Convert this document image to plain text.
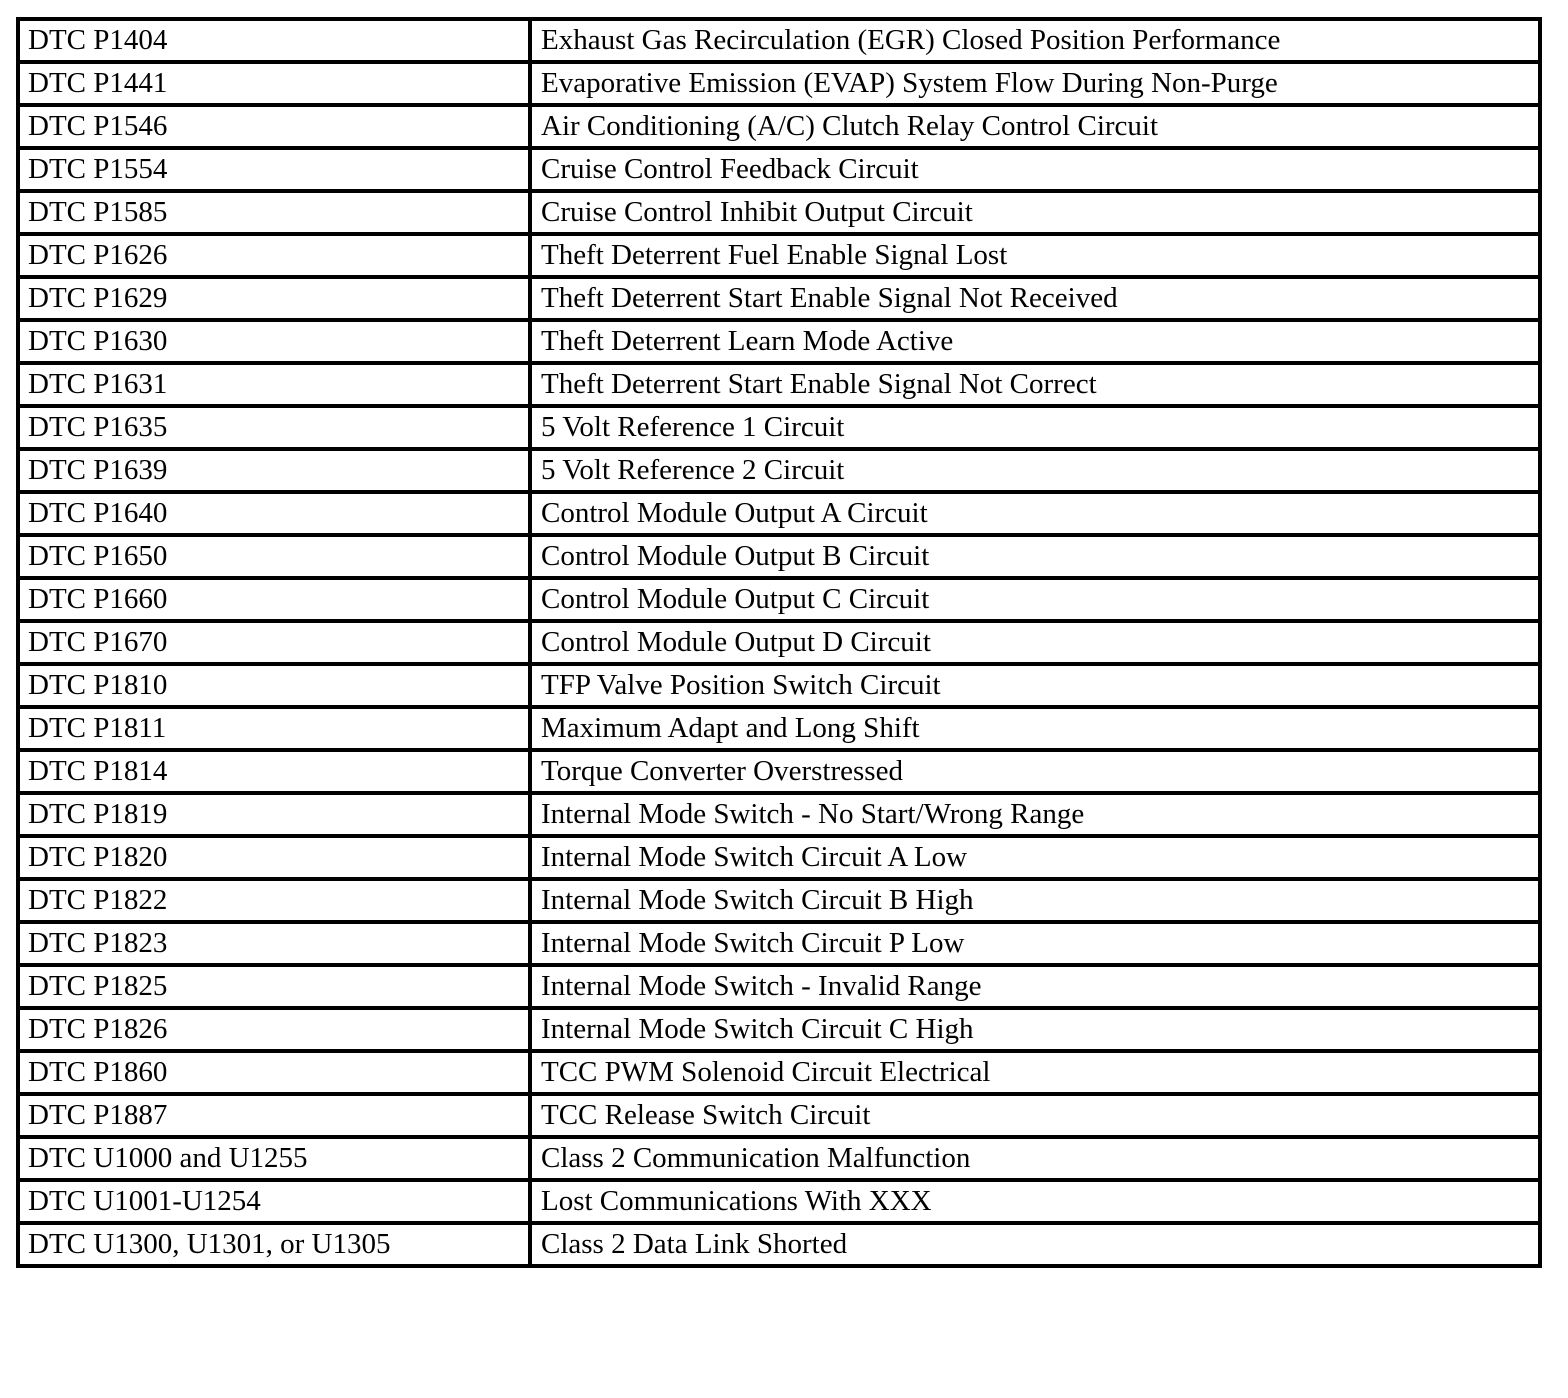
DTC P1404	Exhaust Gas Recirculation (EGR) Closed Position Performance
DTC P1441	Evaporative Emission (EVAP) System Flow During Non-Purge
DTC P1546	Air Conditioning (A/C) Clutch Relay Control Circuit
DTC P1554	Cruise Control Feedback Circuit
DTC P1585	Cruise Control Inhibit Output Circuit
DTC P1626	Theft Deterrent Fuel Enable Signal Lost
DTC P1629	Theft Deterrent Start Enable Signal Not Received
DTC P1630	Theft Deterrent Learn Mode Active
DTC P1631	Theft Deterrent Start Enable Signal Not Correct
DTC P1635	5 Volt Reference 1 Circuit
DTC P1639	5 Volt Reference 2 Circuit
DTC P1640	Control Module Output A Circuit
DTC P1650	Control Module Output B Circuit
DTC P1660	Control Module Output C Circuit
DTC P1670	Control Module Output D Circuit
DTC P1810	TFP Valve Position Switch Circuit
DTC P1811	Maximum Adapt and Long Shift
DTC P1814	Torque Converter Overstressed
DTC P1819	Internal Mode Switch - No Start/Wrong Range
DTC P1820	Internal Mode Switch Circuit A Low
DTC P1822	Internal Mode Switch Circuit B High
DTC P1823	Internal Mode Switch Circuit P Low
DTC P1825	Internal Mode Switch - Invalid Range
DTC P1826	Internal Mode Switch Circuit C High
DTC P1860	TCC PWM Solenoid Circuit Electrical
DTC P1887	TCC Release Switch Circuit
DTC U1000 and U1255	Class 2 Communication Malfunction
DTC U1001-U1254	Lost Communications With XXX
DTC U1300, U1301, or U1305	Class 2 Data Link Shorted
